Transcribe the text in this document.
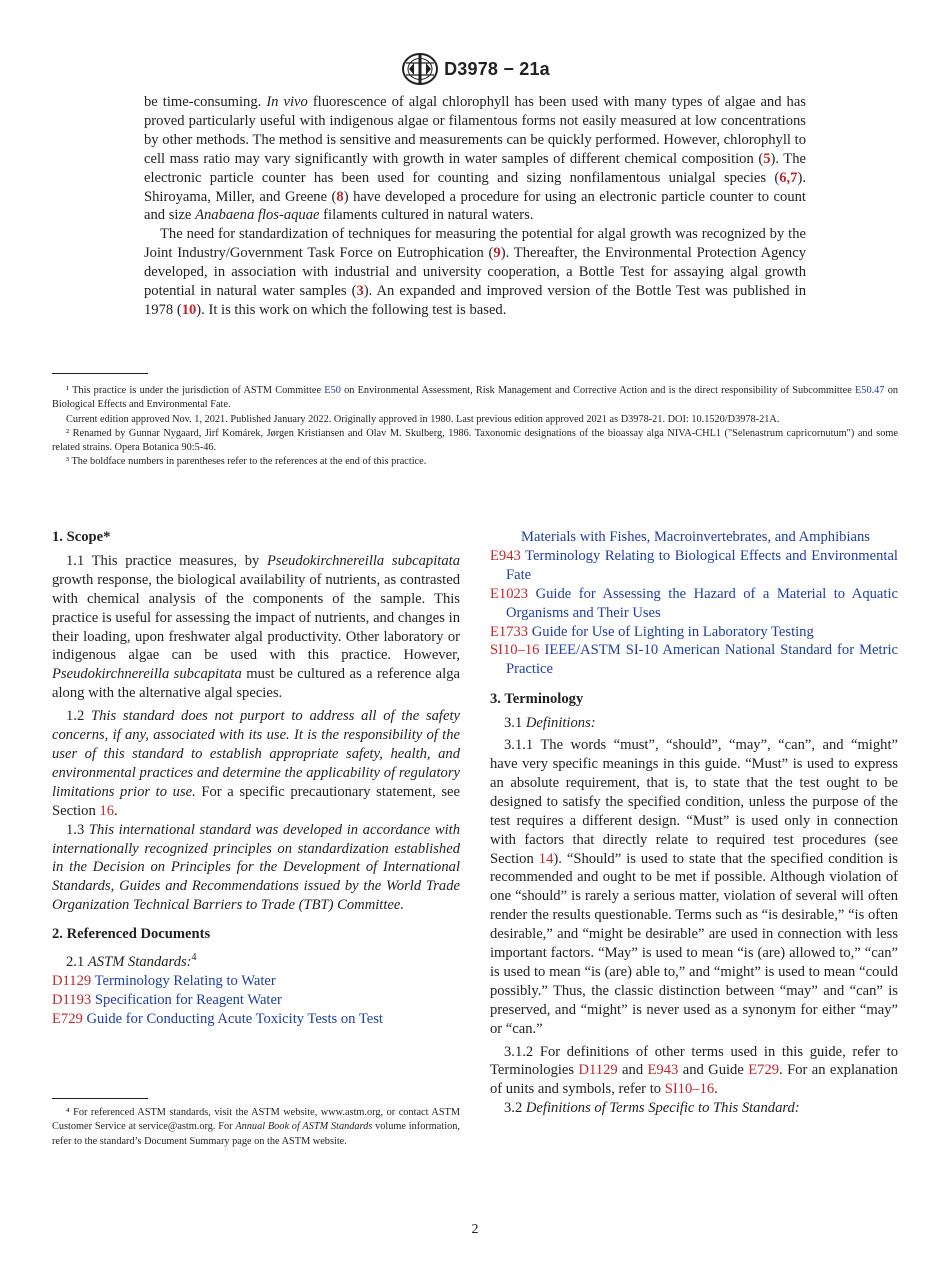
D3978 − 21a

be time-consuming. In vivo fluorescence of algal chlorophyll has been used with many types of algae and has proved particularly useful with indigenous algae or filamentous forms not easily measured at low concentrations by other methods. The method is sensitive and measurements can be quickly performed. However, chlorophyll to cell mass ratio may vary significantly with growth in water samples of different chemical composition (5). The electronic particle counter has been used for counting and sizing nonfilamentous unialgal species (6,7). Shiroyama, Miller, and Greene (8) have developed a procedure for using an electronic particle counter to count and size Anabaena flos-aquae filaments cultured in natural waters.

The need for standardization of techniques for measuring the potential for algal growth was recognized by the Joint Industry/Government Task Force on Eutrophication (9). Thereafter, the Environmental Protection Agency developed, in association with industrial and university cooperation, a Bottle Test for assaying algal growth potential in natural water samples (3). An expanded and improved version of the Bottle Test was published in 1978 (10). It is this work on which the following test is based.

¹ This practice is under the jurisdiction of ASTM Committee E50 on Environmental Assessment, Risk Management and Corrective Action and is the direct responsibility of Subcommittee E50.47 on Biological Effects and Environmental Fate.

Current edition approved Nov. 1, 2021. Published January 2022. Originally approved in 1980. Last previous edition approved 2021 as D3978-21. DOI: 10.1520/D3978-21A.

² Renamed by Gunnar Nygaard, Jirf Komárek, Jørgen Kristiansen and Olav M. Skulberg, 1986. Taxonomic designations of the bioassay alga NIVA-CHL1 ("Selenastrum capricornutum") and some related strains. Opera Botanica 90:5-46.

³ The boldface numbers in parentheses refer to the references at the end of this practice.

1. Scope*

1.1 This practice measures, by Pseudokirchnereilla subcapitata growth response, the biological availability of nutrients, as contrasted with chemical analysis of the components of the sample. This practice is useful for assessing the impact of nutrients, and changes in their loading, upon freshwater algal productivity. Other laboratory or indigenous algae can be used with this practice. However, Pseudokirchnereilla subcapitata must be cultured as a reference alga along with the alternative algal species.

1.2 This standard does not purport to address all of the safety concerns, if any, associated with its use. It is the responsibility of the user of this standard to establish appropriate safety, health, and environmental practices and determine the applicability of regulatory limitations prior to use. For a specific precautionary statement, see Section 16.

1.3 This international standard was developed in accordance with internationally recognized principles on standardization established in the Decision on Principles for the Development of International Standards, Guides and Recommendations issued by the World Trade Organization Technical Barriers to Trade (TBT) Committee.

2. Referenced Documents

2.1 ASTM Standards:$^4$

D1129 Terminology Relating to Water

D1193 Specification for Reagent Water

E729 Guide for Conducting Acute Toxicity Tests on Test

⁴ For referenced ASTM standards, visit the ASTM website, www.astm.org, or contact ASTM Customer Service at service@astm.org. For Annual Book of ASTM Standards volume information, refer to the standard’s Document Summary page on the ASTM website.

Materials with Fishes, Macroinvertebrates, and Amphibians

E943 Terminology Relating to Biological Effects and Environmental Fate

E1023 Guide for Assessing the Hazard of a Material to Aquatic Organisms and Their Uses

E1733 Guide for Use of Lighting in Laboratory Testing

SI10–16 IEEE/ASTM SI-10 American National Standard for Metric Practice

3. Terminology

3.1 Definitions:

3.1.1 The words “must”, “should”, “may”, “can”, and “might” have very specific meanings in this guide. “Must” is used to express an absolute requirement, that is, to state that the test ought to be designed to satisfy the specified condition, unless the purpose of the test requires a different design. “Must” is used only in connection with factors that directly relate to required test procedures (see Section 14). “Should” is used to state that the specified condition is recommended and ought to be met if possible. Although violation of one “should” is rarely a serious matter, violation of several will often render the results questionable. Terms such as “is desirable,” “is often desirable,” and “might be desirable” are used in connection with less important factors. “May” is used to mean “is (are) allowed to,” “can” is used to mean “is (are) able to,” and “might” is used to mean “could possibly.” Thus, the classic distinction between “may” and “can” is preserved, and “might” is never used as a synonym for either “may” or “can.”

3.1.2 For definitions of other terms used in this guide, refer to Terminologies D1129 and E943 and Guide E729. For an explanation of units and symbols, refer to SI10–16.

3.2 Definitions of Terms Specific to This Standard:

2
